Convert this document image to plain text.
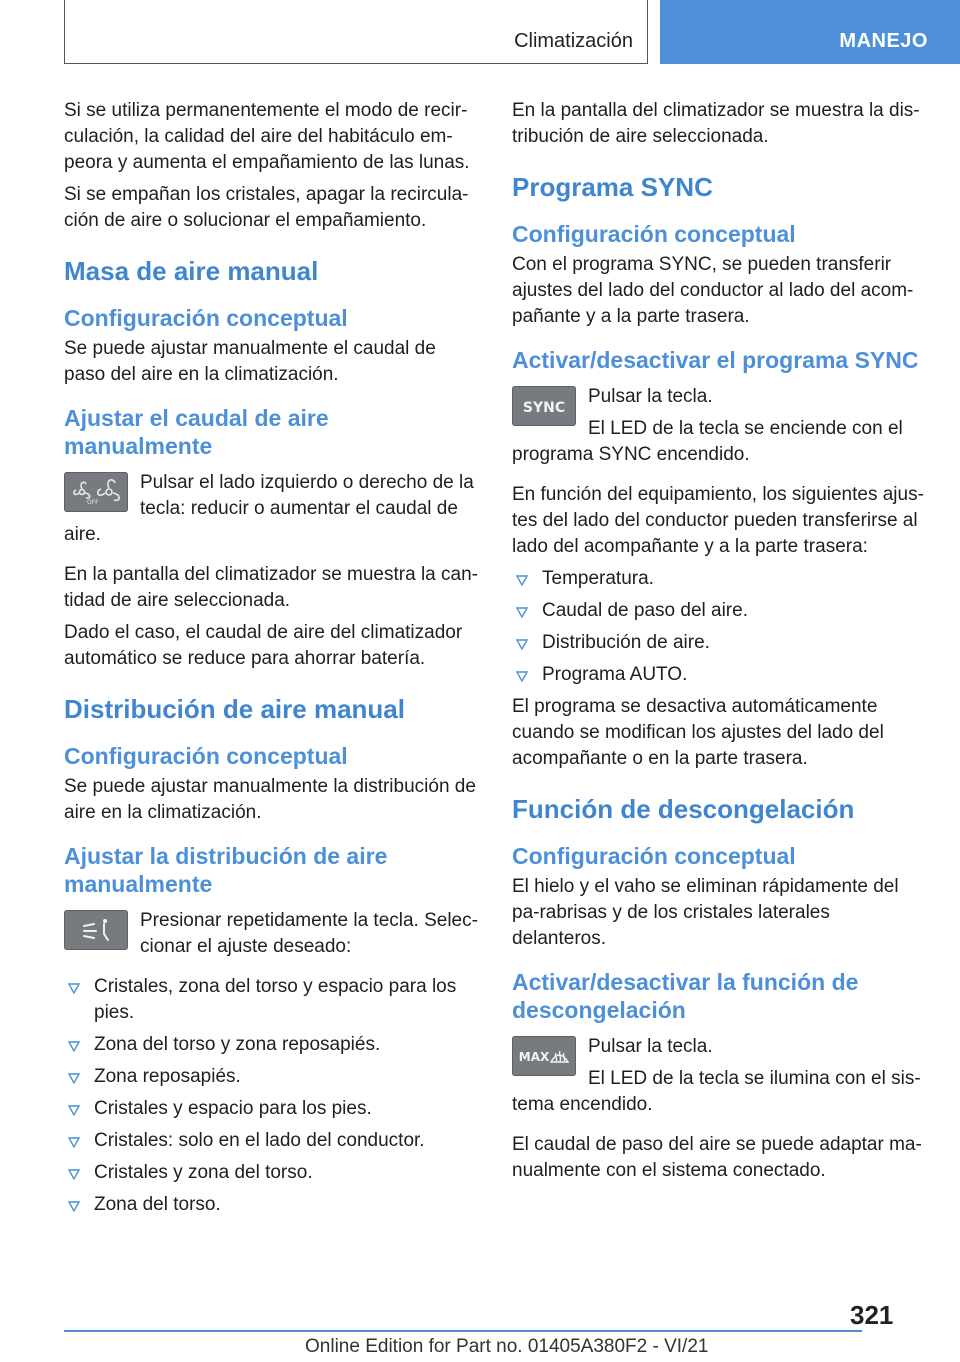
Climatización	MANEJO

Si se utiliza permanentemente el modo de recir-culación, la calidad del aire del habitáculo em-peora y aumenta el empañamiento de las lunas.

Si se empañan los cristales, apagar la recircula-ción de aire o solucionar el empañamiento.

Masa de aire manual
Configuración conceptual

Se puede ajustar manualmente el caudal de paso del aire en la climatización.

Ajustar el caudal de aire manualmente
OFF

Pulsar el lado izquierdo o derecho de la tecla: reducir o aumentar el caudal de aire.

En la pantalla del climatizador se muestra la can-tidad de aire seleccionada.

Dado el caso, el caudal de aire del climatizador automático se reduce para ahorrar batería.

Distribución de aire manual
Configuración conceptual

Se puede ajustar manualmente la distribución de aire en la climatización.

Ajustar la distribución de aire manualmente

Presionar repetidamente la tecla. Selec-cionar el ajuste deseado:

Cristales, zona del torso y espacio para los pies.
Zona del torso y zona reposapiés.
Zona reposapiés.
Cristales y espacio para los pies.
Cristales: solo en el lado del conductor.
Cristales y zona del torso.
Zona del torso.

En la pantalla del climatizador se muestra la dis-tribución de aire seleccionada.

Programa SYNC
Configuración conceptual

Con el programa SYNC, se pueden transferir ajustes del lado del conductor al lado del acom-pañante y a la parte trasera.

Activar/desactivar el programa SYNC
SYNC

Pulsar la tecla.

El LED de la tecla se enciende con el programa SYNC encendido.

En función del equipamiento, los siguientes ajus-tes del lado del conductor pueden transferirse al lado del acompañante y a la parte trasera:

Temperatura.
Caudal de paso del aire.
Distribución de aire.
Programa AUTO.

El programa se desactiva automáticamente cuando se modifican los ajustes del lado del acompañante o en la parte trasera.

Función de descongelación
Configuración conceptual

El hielo y el vaho se eliminan rápidamente del pa-rabrisas y de los cristales laterales delanteros.

Activar/desactivar la función de descongelación
MAX	Pulsar la tecla.

El LED de la tecla se ilumina con el sis-tema encendido.

El caudal de paso del aire se puede adaptar ma-nualmente con el sistema conectado.

321
Online Edition for Part no. 01405A380F2 - VI/21
